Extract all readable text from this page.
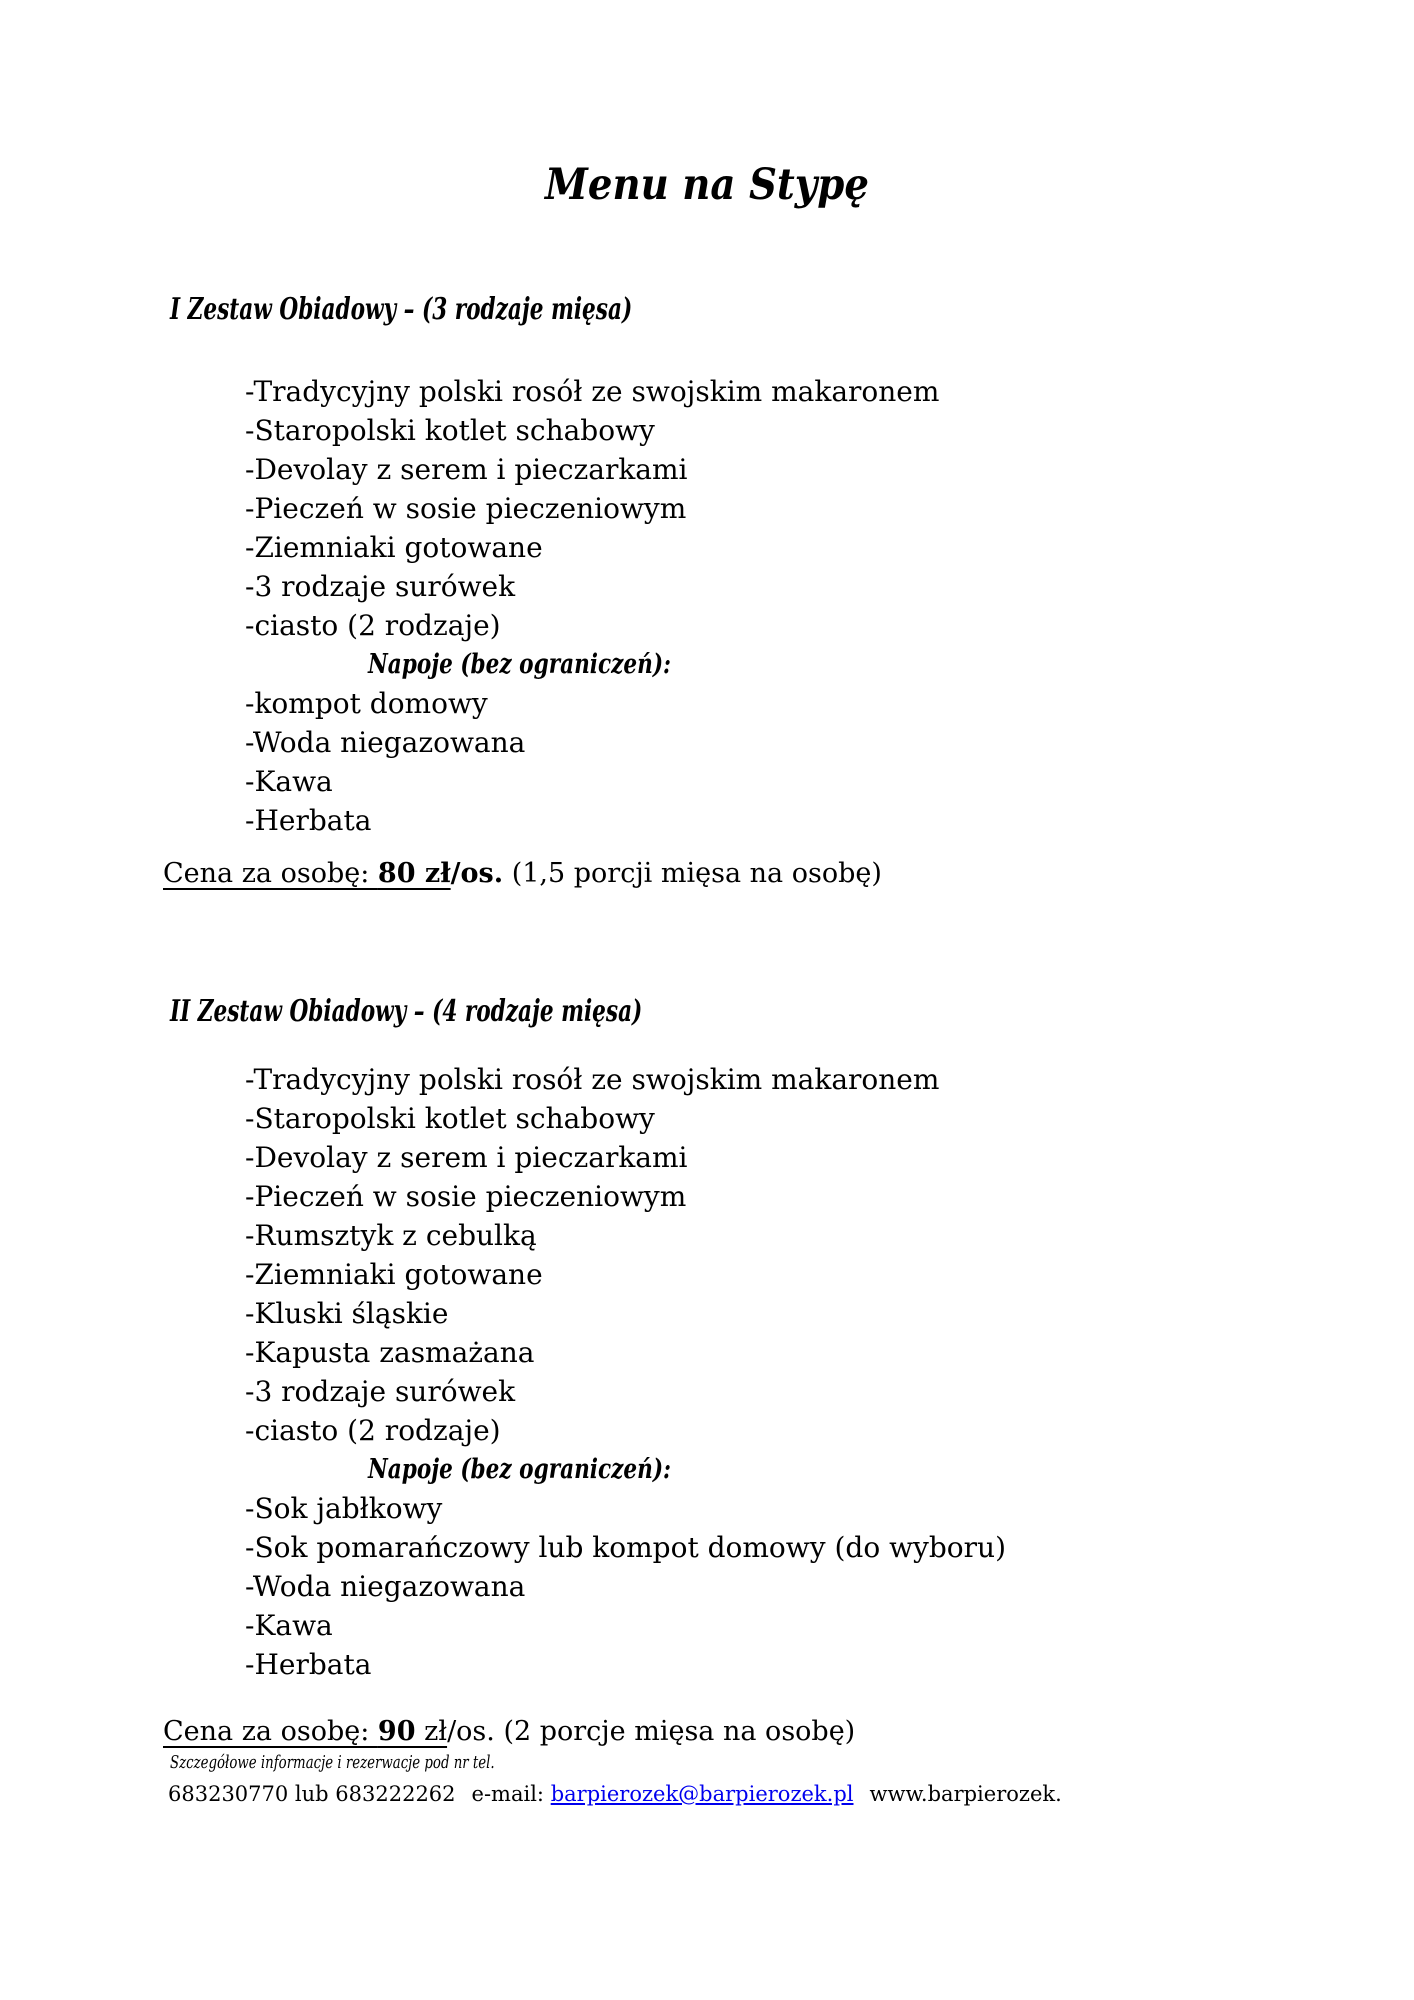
Menu na Stypę
I Zestaw Obiadowy – (3 rodzaje mięsa)
-Tradycyjny polski rosół ze swojskim makaronem
-Staropolski kotlet schabowy
-Devolay z serem i pieczarkami
-Pieczeń w sosie pieczeniowym
-Ziemniaki gotowane
-3 rodzaje surówek
-ciasto (2 rodzaje)
Napoje (bez ograniczeń):
-kompot domowy
-Woda niegazowana
-Kawa
-Herbata
Cena za osobę: 80 zł/os. (1,5 porcji mięsa na osobę)
II Zestaw Obiadowy – (4 rodzaje mięsa)
-Tradycyjny polski rosół ze swojskim makaronem
-Staropolski kotlet schabowy
-Devolay z serem i pieczarkami
-Pieczeń w sosie pieczeniowym
-Rumsztyk z cebulką
-Ziemniaki gotowane
-Kluski śląskie
-Kapusta zasmażana
-3 rodzaje surówek
-ciasto (2 rodzaje)
Napoje (bez ograniczeń):
-Sok jabłkowy
-Sok pomarańczowy lub kompot domowy (do wyboru)
-Woda niegazowana
-Kawa
-Herbata
Cena za osobę: 90 zł/os. (2 porcje mięsa na osobę)
Szczegółowe informacje i rezerwacje pod nr tel.
683230770 lub 683222262 e-mail: barpierozek@barpierozek.pl www.barpierozek.
